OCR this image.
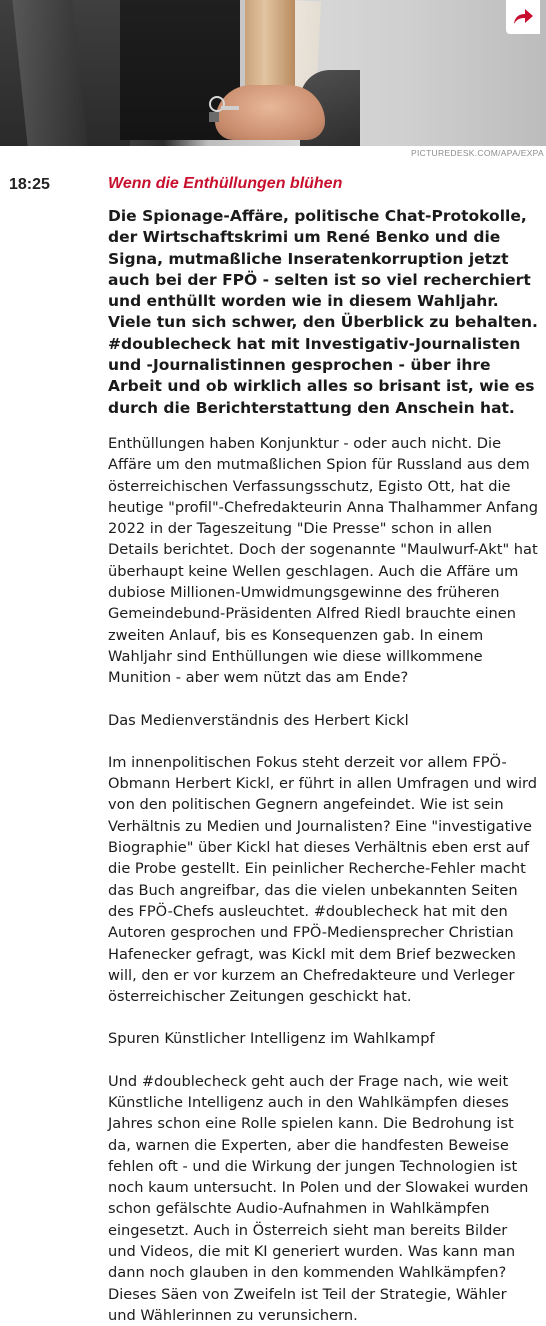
PICTUREDESK.COM/APA/EXPA
18:25	Wenn die Enthüllungen blühen

Die Spionage-Affäre, politische Chat-Protokolle, der Wirtschaftskrimi um René Benko und die Signa, mutmaßliche Inseratenkorruption jetzt auch bei der FPÖ - selten ist so viel recherchiert und enthüllt worden wie in diesem Wahljahr. Viele tun sich schwer, den Überblick zu behalten. #doublecheck hat mit Investigativ-Journalisten und -Journalistinnen gesprochen - über ihre Arbeit und ob wirklich alles so brisant ist, wie es durch die Berichterstattung den Anschein hat.

Enthüllungen haben Konjunktur - oder auch nicht. Die Affäre um den mutmaßlichen Spion für Russland aus dem österreichischen Verfassungsschutz, Egisto Ott, hat die heutige "profil"-Chefredakteurin Anna Thalhammer Anfang 2022 in der Tageszeitung "Die Presse" schon in allen Details berichtet. Doch der sogenannte "Maulwurf-Akt" hat überhaupt keine Wellen geschlagen. Auch die Affäre um dubiose Millionen-Umwidmungsgewinne des früheren Gemeindebund-Präsidenten Alfred Riedl brauchte einen zweiten Anlauf, bis es Konsequenzen gab. In einem Wahljahr sind Enthüllungen wie diese willkommene Munition - aber wem nützt das am Ende?

Das Medienverständnis des Herbert Kickl

Im innenpolitischen Fokus steht derzeit vor allem FPÖ-Obmann Herbert Kickl, er führt in allen Umfragen und wird von den politischen Gegnern angefeindet. Wie ist sein Verhältnis zu Medien und Journalisten? Eine "investigative Biographie" über Kickl hat dieses Verhältnis eben erst auf die Probe gestellt. Ein peinlicher Recherche-Fehler macht das Buch angreifbar, das die vielen unbekannten Seiten des FPÖ-Chefs ausleuchtet. #doublecheck hat mit den Autoren gesprochen und FPÖ-Mediensprecher Christian Hafenecker gefragt, was Kickl mit dem Brief bezwecken will, den er vor kurzem an Chefredakteure und Verleger österreichischer Zeitungen geschickt hat.

Spuren Künstlicher Intelligenz im Wahlkampf

Und #doublecheck geht auch der Frage nach, wie weit Künstliche Intelligenz auch in den Wahlkämpfen dieses Jahres schon eine Rolle spielen kann. Die Bedrohung ist da, warnen die Experten, aber die handfesten Beweise fehlen oft - und die Wirkung der jungen Technologien ist noch kaum untersucht. In Polen und der Slowakei wurden schon gefälschte Audio-Aufnahmen in Wahlkämpfen eingesetzt. Auch in Österreich sieht man bereits Bilder und Videos, die mit KI generiert wurden. Was kann man dann noch glauben in den kommenden Wahlkämpfen? Dieses Säen von Zweifeln ist Teil der Strategie, Wähler und Wählerinnen zu verunsichern.
